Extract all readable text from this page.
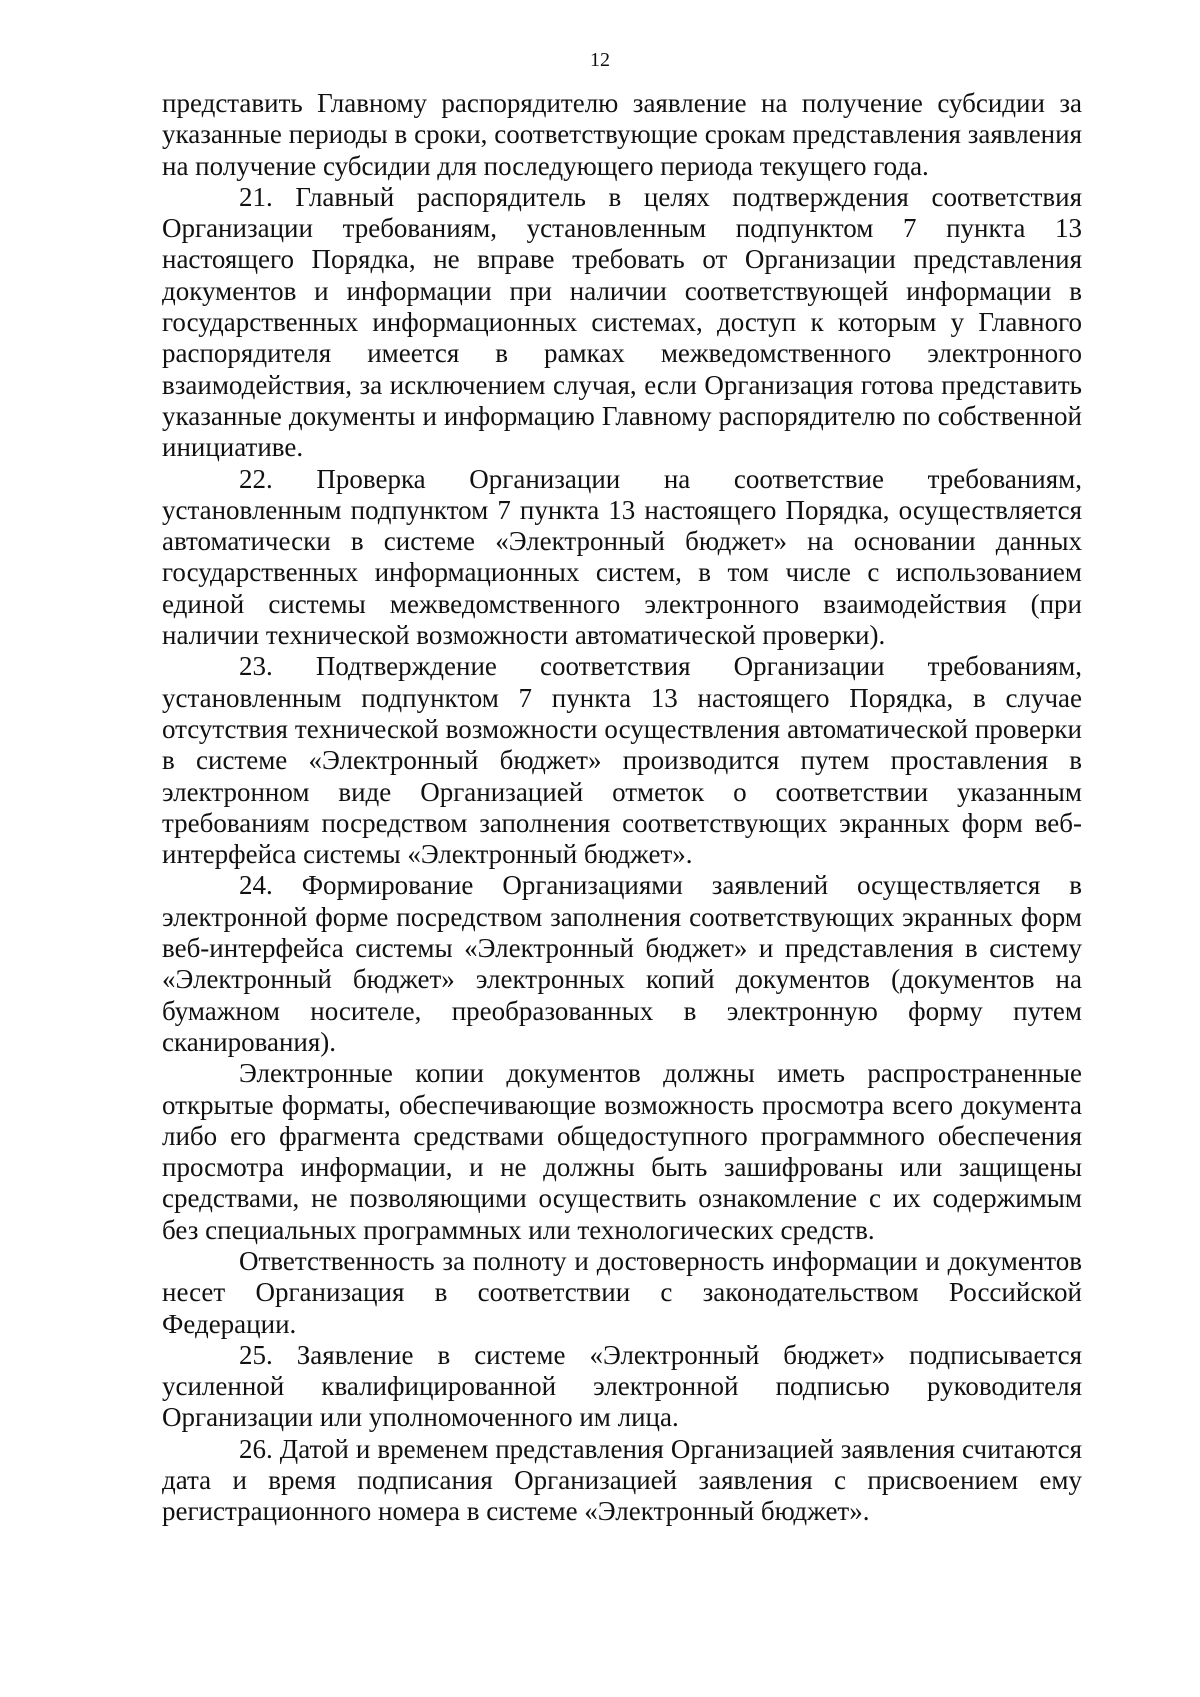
12

представить Главному распорядителю заявление на получение субсидии за указанные периоды в сроки, соответствующие срокам представления заявления на получение субсидии для последующего периода текущего года.

21. Главный распорядитель в целях подтверждения соответствия Организации требованиям, установленным подпунктом 7 пункта 13 настоящего Порядка, не вправе требовать от Организации представления документов и информации при наличии соответствующей информации в государственных информационных системах, доступ к которым у Главного распорядителя имеется в рамках межведомственного электронного взаимодействия, за исключением случая, если Организация готова представить указанные документы и информацию Главному распорядителю по собственной инициативе.

22. Проверка Организации на соответствие требованиям, установленным подпунктом 7 пункта 13 настоящего Порядка, осуществляется автоматически в системе «Электронный бюджет» на основании данных государственных информационных систем, в том числе с использованием единой системы межведомственного электронного взаимодействия (при наличии технической возможности автоматической проверки).

23. Подтверждение соответствия Организации требованиям, установленным подпунктом 7 пункта 13 настоящего Порядка, в случае отсутствия технической возможности осуществления автоматической проверки в системе «Электронный бюджет» производится путем проставления в электронном виде Организацией отметок о соответствии указанным требованиям посредством заполнения соответствующих экранных форм веб-интерфейса системы «Электронный бюджет».

24. Формирование Организациями заявлений осуществляется в электронной форме посредством заполнения соответствующих экранных форм веб-интерфейса системы «Электронный бюджет» и представления в систему «Электронный бюджет» электронных копий документов (документов на бумажном носителе, преобразованных в электронную форму путем сканирования).

Электронные копии документов должны иметь распространенные открытые форматы, обеспечивающие возможность просмотра всего документа либо его фрагмента средствами общедоступного программного обеспечения просмотра информации, и не должны быть зашифрованы или защищены средствами, не позволяющими осуществить ознакомление с их содержимым без специальных программных или технологических средств.

Ответственность за полноту и достоверность информации и документов несет Организация в соответствии с законодательством Российской Федерации.

25. Заявление в системе «Электронный бюджет» подписывается усиленной квалифицированной электронной подписью руководителя Организации или уполномоченного им лица.

26. Датой и временем представления Организацией заявления считаются дата и время подписания Организацией заявления с присвоением ему регистрационного номера в системе «Электронный бюджет».
